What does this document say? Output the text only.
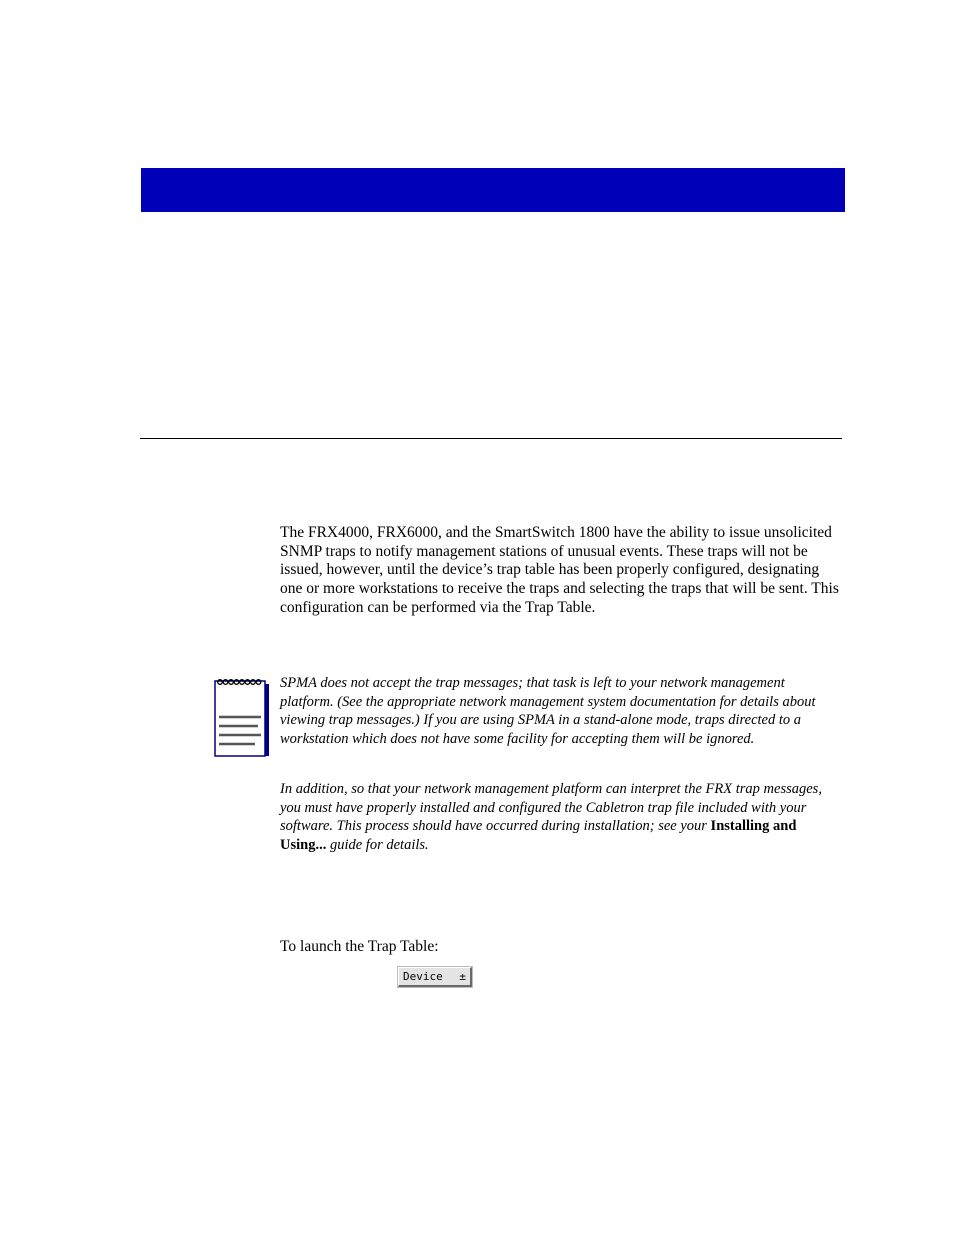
The FRX4000, FRX6000, and the SmartSwitch 1800 have the ability to issue unsolicited SNMP traps to notify management stations of unusual events. These traps will not be issued, however, until the device’s trap table has been properly configured, designating one or more workstations to receive the traps and selecting the traps that will be sent. This configuration can be performed via the Trap Table.

SPMA does not accept the trap messages; that task is left to your network management platform. (See the appropriate network management system documentation for details about viewing trap messages.) If you are using SPMA in a stand-alone mode, traps directed to a workstation which does not have some facility for accepting them will be ignored.

In addition, so that your network management platform can interpret the FRX trap messages, you must have properly installed and configured the Cabletron trap file included with your software. This process should have occurred during installation; see your Installing and Using... guide for details.

To launch the Trap Table:

Device ±
